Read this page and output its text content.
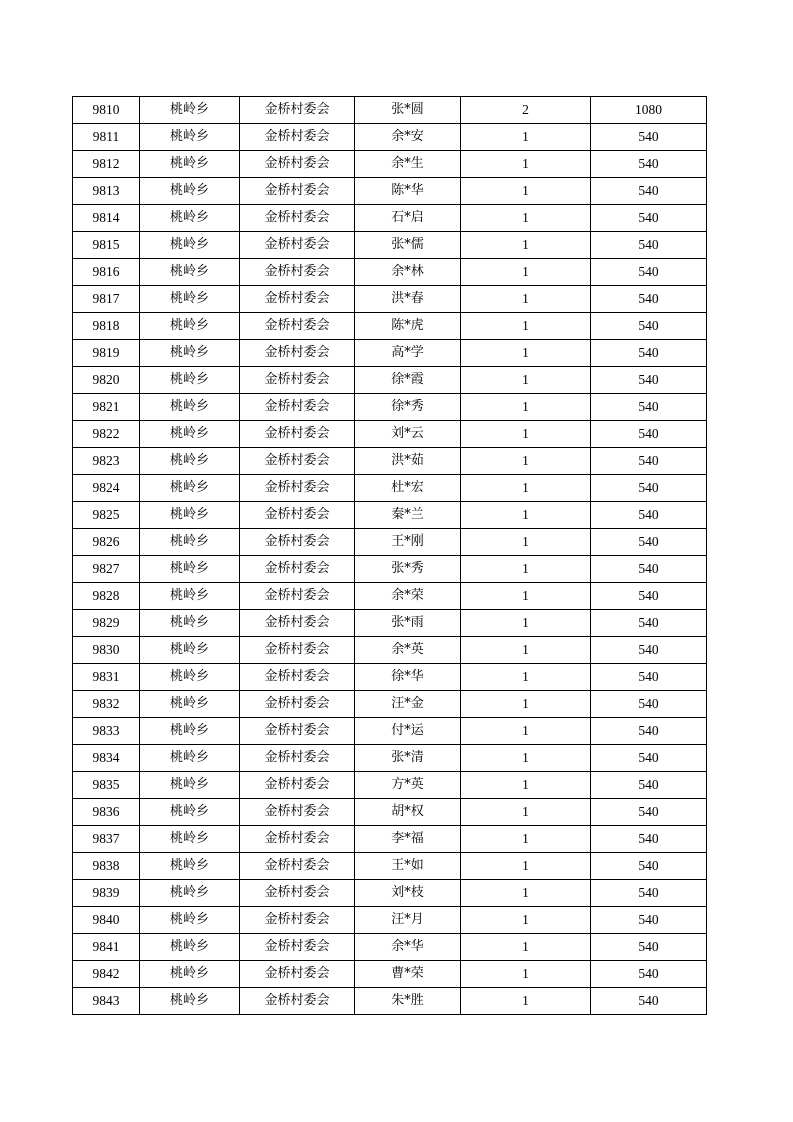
9810	桃岭乡	金桥村委会	张*圆	2	1080
9811	桃岭乡	金桥村委会	余*安	1	540
9812	桃岭乡	金桥村委会	余*生	1	540
9813	桃岭乡	金桥村委会	陈*华	1	540
9814	桃岭乡	金桥村委会	石*启	1	540
9815	桃岭乡	金桥村委会	张*儒	1	540
9816	桃岭乡	金桥村委会	余*林	1	540
9817	桃岭乡	金桥村委会	洪*春	1	540
9818	桃岭乡	金桥村委会	陈*虎	1	540
9819	桃岭乡	金桥村委会	高*学	1	540
9820	桃岭乡	金桥村委会	徐*霞	1	540
9821	桃岭乡	金桥村委会	徐*秀	1	540
9822	桃岭乡	金桥村委会	刘*云	1	540
9823	桃岭乡	金桥村委会	洪*茹	1	540
9824	桃岭乡	金桥村委会	杜*宏	1	540
9825	桃岭乡	金桥村委会	秦*兰	1	540
9826	桃岭乡	金桥村委会	王*刚	1	540
9827	桃岭乡	金桥村委会	张*秀	1	540
9828	桃岭乡	金桥村委会	余*荣	1	540
9829	桃岭乡	金桥村委会	张*雨	1	540
9830	桃岭乡	金桥村委会	余*英	1	540
9831	桃岭乡	金桥村委会	徐*华	1	540
9832	桃岭乡	金桥村委会	汪*金	1	540
9833	桃岭乡	金桥村委会	付*运	1	540
9834	桃岭乡	金桥村委会	张*清	1	540
9835	桃岭乡	金桥村委会	方*英	1	540
9836	桃岭乡	金桥村委会	胡*权	1	540
9837	桃岭乡	金桥村委会	李*福	1	540
9838	桃岭乡	金桥村委会	王*如	1	540
9839	桃岭乡	金桥村委会	刘*枝	1	540
9840	桃岭乡	金桥村委会	汪*月	1	540
9841	桃岭乡	金桥村委会	余*华	1	540
9842	桃岭乡	金桥村委会	曹*荣	1	540
9843	桃岭乡	金桥村委会	朱*胜	1	540
